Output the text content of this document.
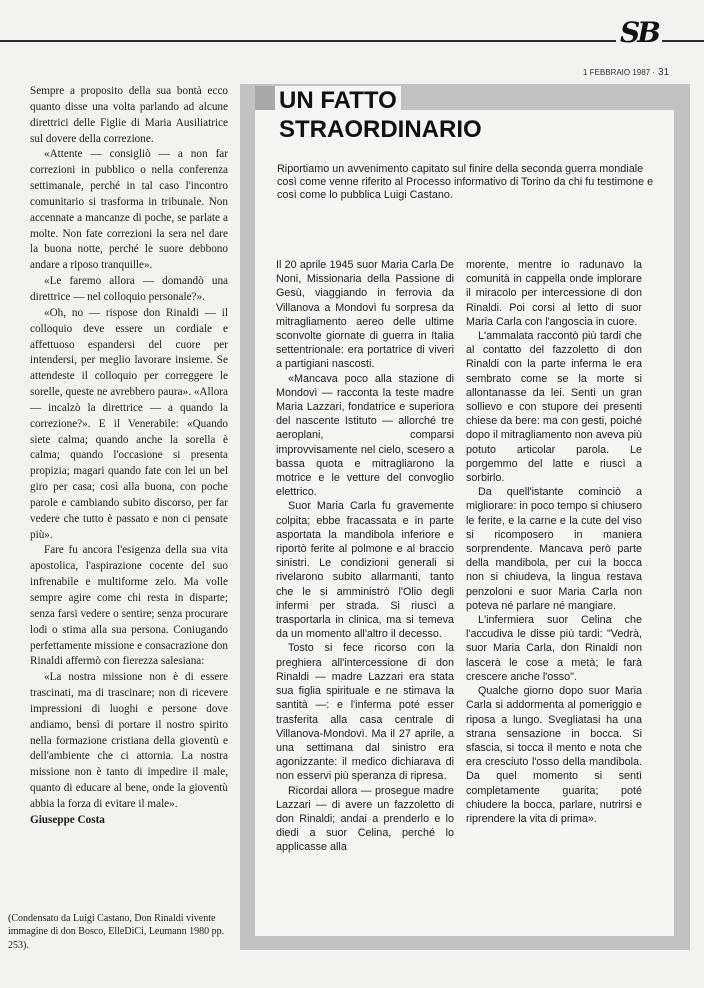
SB
1 FEBBRAIO 1987 · 31

Sempre a proposito della sua bontà ecco quanto disse una volta parlando ad alcune direttrici delle Figlie di Maria Ausiliatrice sul dovere della correzione.

«Attente — consigliò — a non far correzioni in pubblico o nella conferenza settimanale, perché in tal caso l'incontro comunitario si trasforma in tribunale. Non accennate a mancanze di poche, se parlate a molte. Non fate correzioni la sera nel dare la buona notte, perché le suore debbono andare a riposo tranquille».

«Le faremo allora — domandò una direttrice — nel colloquio personale?».

«Oh, no — rispose don Rinaldi — il colloquio deve essere un cordiale e affettuoso espandersi del cuore per intendersi, per meglio lavorare insieme. Se attendeste il colloquio per correggere le sorelle, queste ne avrebbero paura». «Allora — incalzò la direttrice — a quando la correzione?». E il Venerabile: «Quando siete calma; quando anche la sorella è calma; quando l'occasione si presenta propizia; magari quando fate con lei un bel giro per casa; così alla buona, con poche parole e cambiando subito discorso, per far vedere che tutto è passato e non ci pensate più».

Fare fu ancora l'esigenza della sua vita apostolica, l'aspirazione cocente del suo infrenabile e multiforme zelo. Ma volle sempre agire come chi resta in disparte; senza farsi vedere o sentire; senza procurare lodi o stima alla sua persona. Coniugando perfettamente missione e consacrazione don Rinaldi affermò con fierezza salesiana:

«La nostra missione non è di essere trascinati, ma di trascinare; non di ricevere impressioni di luoghi e persone dove andiamo, bensì di portare il nostro spirito nella formazione cristiana della gioventù e dell'ambiente che ci attornia. La nostra missione non è tanto di impedire il male, quanto di educare al bene, onde la gioventù abbia la forza di evitare il male».

Giuseppe Costa

(Condensato da Luigi Castano, Don Rinaldi vivente immagine di don Bosco, ElleDiCi, Leumann 1980 pp. 253).
UN FATTO
STRAORDINARIO
Riportiamo un avvenimento capitato sul finire della seconda guerra mondiale così come venne riferito al Processo informativo di Torino da chi fu testimone e così come lo pubblica Luigi Castano.

Il 20 aprile 1945 suor Maria Carla De Noni, Missionaria della Passione di Gesù, viaggiando in ferrovia da Villanova a Mondovì fu sorpresa da mitragliamento aereo delle ultime sconvolte giornate di guerra in Italia settentrionale: era portatrice di viveri a partigiani nascosti.

«Mancava poco alla stazione di Mondovì — racconta la teste madre Maria Lazzari, fondatrice e superiora del nascente Istituto — allorché tre aeroplani, comparsi improvvisamente nel cielo, scesero a bassa quota e mitragliarono la motrice e le vetture del convoglio elettrico.

Suor Maria Carla fu gravemente colpita; ebbe fracassata e in parte asportata la mandibola inferiore e riportò ferite al polmone e al braccio sinistri. Le condizioni generali si rivelarono subito allarmanti, tanto che le si amministrò l'Olio degli infermi per strada. Si riuscì a trasportarla in clinica, ma si temeva da un momento all'altro il decesso.

Tosto si fece ricorso con la preghiera all'intercessione di don Rinaldi — madre Lazzari era stata sua figlia spirituale e ne stimava la santità —: e l'inferma poté esser trasferita alla casa centrale di Villanova-Mondovì. Ma il 27 aprile, a una settimana dal sinistro era agonizzante: il medico dichiarava di non esservi più speranza di ripresa.

Ricordai allora — prosegue madre Lazzari — di avere un fazzoletto di don Rinaldi; andai a prenderlo e lo diedi a suor Celina, perché lo applicasse alla

morente, mentre io radunavo la comunità in cappella onde implorare il miracolo per intercessione di don Rinaldi. Poi corsi al letto di suor Maria Carla con l'angoscia in cuore.

L'ammalata raccontò più tardi che al contatto del fazzoletto di don Rinaldi con la parte inferma le era sembrato come se la morte si allontanasse da lei. Sentì un gran sollievo e con stupore dei presenti chiese da bere: ma con gesti, poiché dopo il mitragliamento non aveva più potuto articolar parola. Le porgemmo del latte e riuscì a sorbirlo.

Da quell'istante cominciò a migliorare: in poco tempo si chiusero le ferite, e la carne e la cute del viso si ricomposero in maniera sorprendente. Mancava però parte della mandibola, per cui la bocca non si chiudeva, la lingua restava penzoloni e suor Maria Carla non poteva né parlare né mangiare.

L'infermiera suor Celina che l'accudiva le disse più tardi: "Vedrà, suor Maria Carla, don Rinaldi non lascerà le cose a metà; le farà crescere anche l'osso".

Qualche giorno dopo suor Maria Carla si addormenta al pomeriggio e riposa a lungo. Svegliatasi ha una strana sensazione in bocca. Si sfascia, si tocca il mento e nota che era cresciuto l'osso della mandibola. Da quel momento si sentì completamente guarita; poté chiudere la bocca, parlare, nutrirsi e riprendere la vita di prima».
